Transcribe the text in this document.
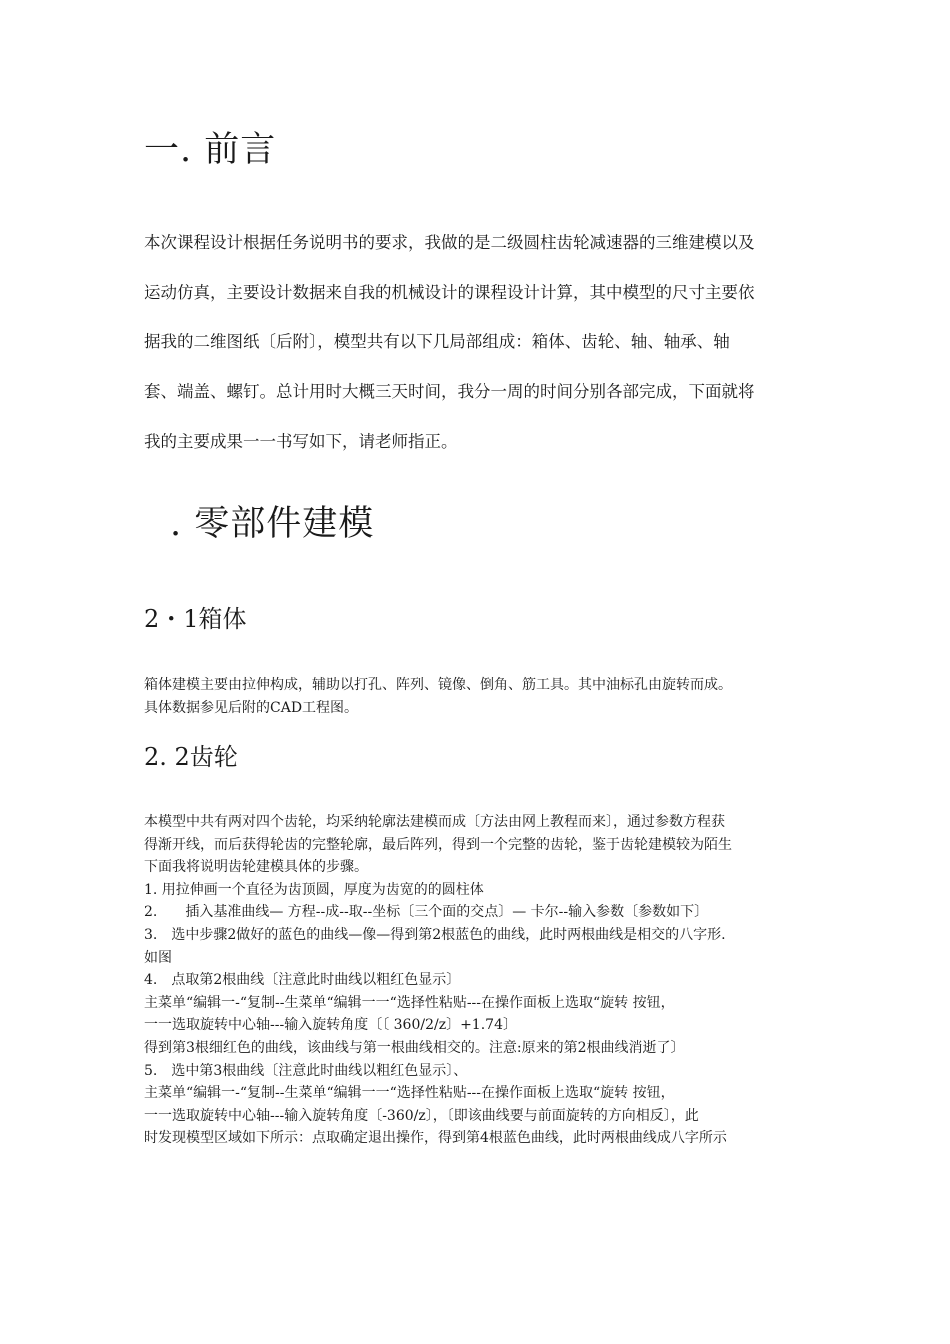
一. 前言

本次课程设计根据任务说明书的要求，我做的是二级圆柱齿轮减速器的三维建模以及

运动仿真，主要设计数据来自我的机械设计的课程设计计算，其中模型的尺寸主要依

据我的二维图纸〔后附〕，模型共有以下几局部组成：箱体、齿轮、轴、轴承、轴

套、端盖、螺钉。总计用时大概三天时间，我分一周的时间分别各部完成，下面就将

我的主要成果一一书写如下，请老师指正。

. 零部件建模
2・1箱体

箱体建模主要由拉伸构成，辅助以打孔、阵列、镜像、倒角、筋工具。其中油标孔由旋转而成。

具体数据参见后附的CAD工程图。

2. 2齿轮

本模型中共有两对四个齿轮，均采纳轮廓法建模而成〔方法由网上教程而来〕，通过参数方程获

得渐开线，而后获得轮齿的完整轮廓，最后阵列，得到一个完整的齿轮，鉴于齿轮建模较为陌生

下面我将说明齿轮建模具体的步骤。

1. 用拉伸画一个直径为齿顶圆，厚度为齿宽的的圆柱体

2.　　插入基准曲线— 方程--成--取--坐标〔三个面的交点〕— 卡尔--输入参数〔参数如下〕

3.　选中步骤2做好的蓝色的曲线—像—得到第2根蓝色的曲线，此时两根曲线是相交的八字形.

如图

4.　点取第2根曲线〔注意此时曲线以粗红色显示〕

主菜单“编辑一-“复制--生菜单“编辑一一“选择性粘贴---在操作面板上选取“旋转 按钮，

一一选取旋转中心轴---输入旋转角度〔〔 360/2/z〕+1.74〕

得到第3根细红色的曲线，该曲线与第一根曲线相交的。注意:原来的第2根曲线消逝了〕

5.　选中第3根曲线〔注意此时曲线以粗红色显示〕、

主菜单“编辑一-“复制--生菜单“编辑一一“选择性粘贴---在操作面板上选取“旋转 按钮，

一一选取旋转中心轴---输入旋转角度〔-360/z〕，〔即该曲线要与前面旋转的方向相反〕，此

时发现模型区域如下所示：点取确定退出操作，得到第4根蓝色曲线，此时两根曲线成八字所示
